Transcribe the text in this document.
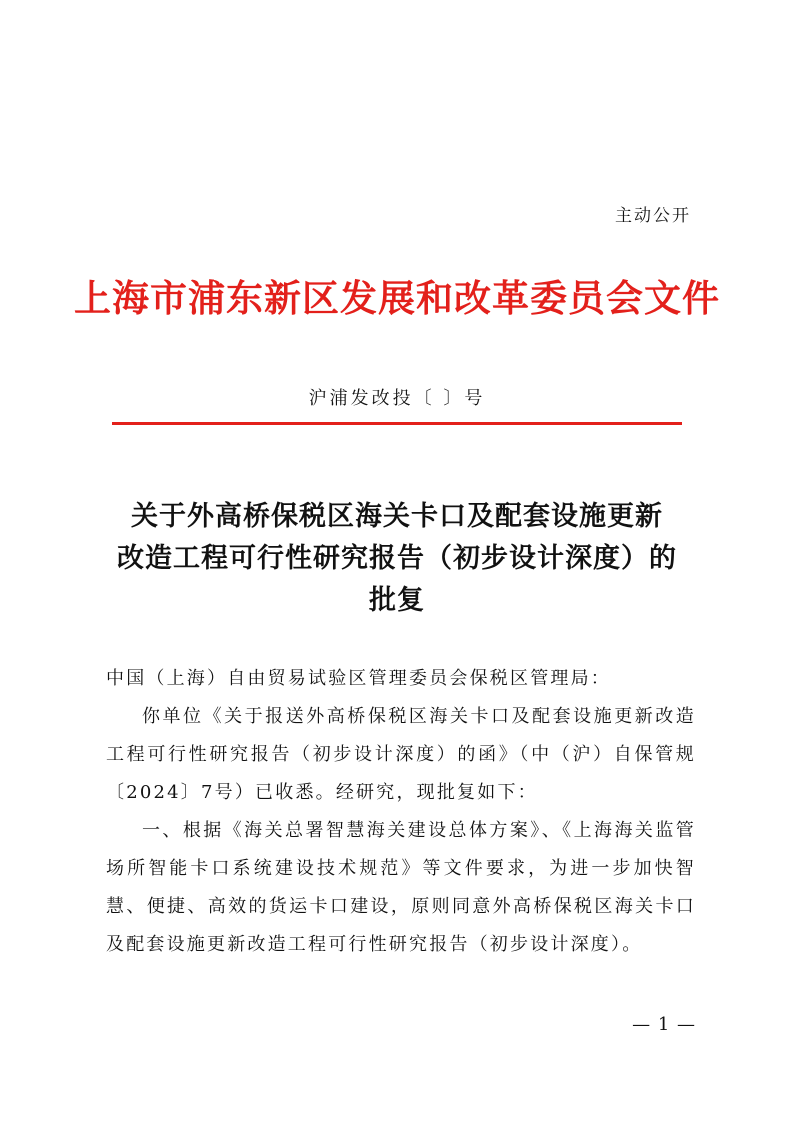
主动公开
上海市浦东新区发展和改革委员会文件
沪浦发改投〔 〕号
关于外高桥保税区海关卡口及配套设施更新
改造工程可行性研究报告（初步设计深度）的
批复

中国（上海）自由贸易试验区管理委员会保税区管理局：

你单位《关于报送外高桥保税区海关卡口及配套设施更新改造工程可行性研究报告（初步设计深度）的函》（中（沪）自保管规〔2024〕7号）已收悉。经研究，现批复如下：

一、根据《海关总署智慧海关建设总体方案》、《上海海关监管场所智能卡口系统建设技术规范》等文件要求，为进一步加快智慧、便捷、高效的货运卡口建设，原则同意外高桥保税区海关卡口及配套设施更新改造工程可行性研究报告（初步设计深度）。

— 1 —
